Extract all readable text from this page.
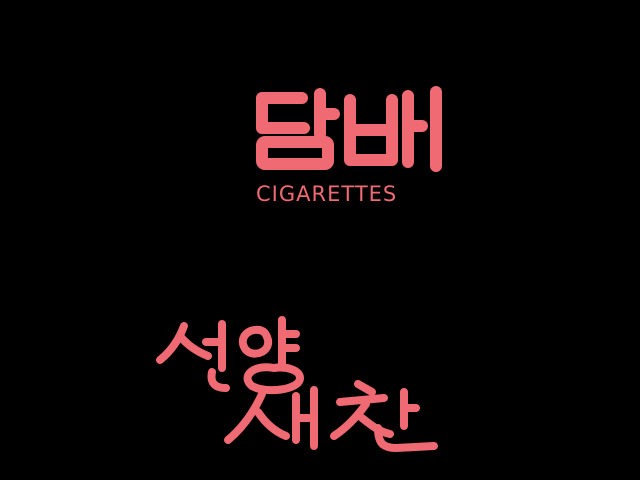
CIGARETTES
